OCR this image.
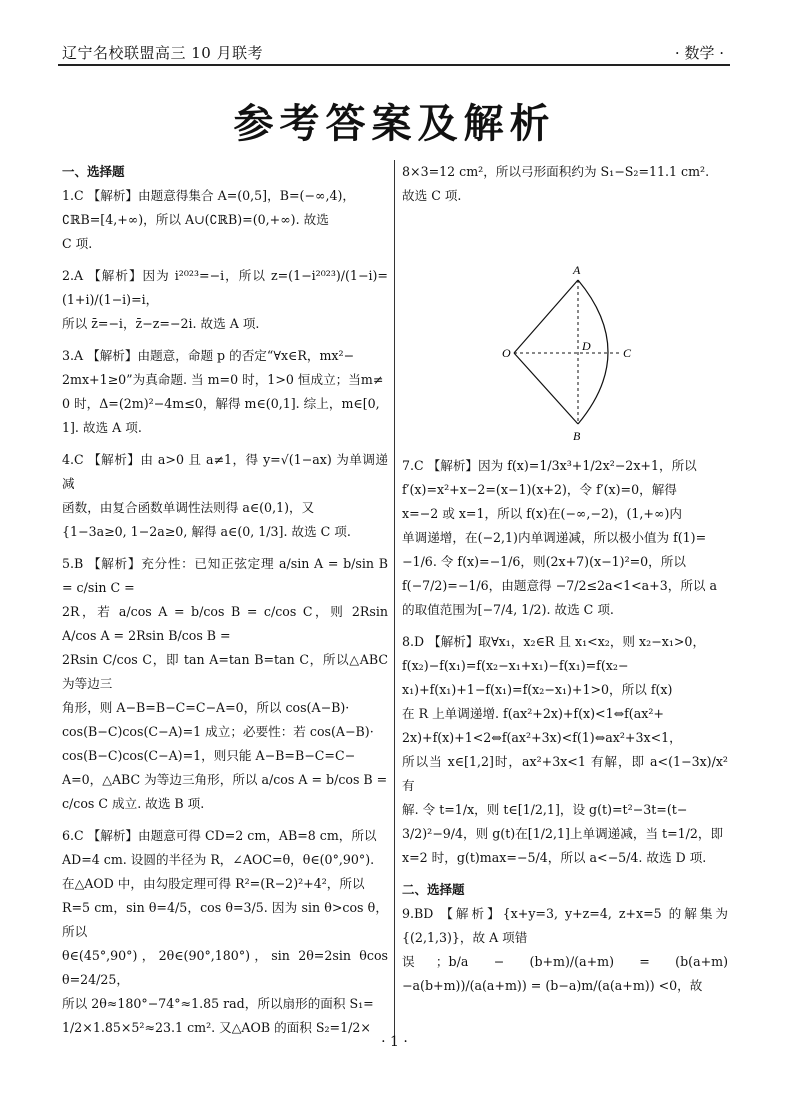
辽宁名校联盟高三 10 月联考	· 数学 ·
参考答案及解析
一、选择题

1.C 【解析】由题意得集合 A=(0,5]，B=(−∞,4)，

∁ℝB=[4,+∞)，所以 A∪(∁ℝB)=(0,+∞). 故选

C 项.

2.A 【解析】因为 i²⁰²³=−i，所以 z=(1−i²⁰²³)/(1−i)=(1+i)/(1−i)=i，

所以 z̄=−i，z̄−z=−2i. 故选 A 项.

3.A 【解析】由题意，命题 p 的否定“∀x∈R，mx²−

2mx+1≥0”为真命题. 当 m=0 时，1>0 恒成立；当m≠

0 时，Δ=(2m)²−4m≤0，解得 m∈(0,1]. 综上，m∈[0,

1]. 故选 A 项.

4.C 【解析】由 a>0 且 a≠1，得 y=√(1−ax) 为单调递减

函数，由复合函数单调性法则得 a∈(0,1)，又

{1−3a≥0, 1−2a≥0, 解得 a∈(0, 1/3]. 故选 C 项.

5.B 【解析】充分性：已知正弦定理 a/sin A = b/sin B = c/sin C =

2R，若 a/cos A = b/cos B = c/cos C，则 2Rsin A/cos A = 2Rsin B/cos B =

2Rsin C/cos C，即 tan A=tan B=tan C，所以△ABC 为等边三

角形，则 A−B=B−C=C−A=0，所以 cos(A−B)·

cos(B−C)cos(C−A)=1 成立；必要性：若 cos(A−B)·

cos(B−C)cos(C−A)=1，则只能 A−B=B−C=C−

A=0，△ABC 为等边三角形，所以 a/cos A = b/cos B =

c/cos C 成立. 故选 B 项.

6.C 【解析】由题意可得 CD=2 cm，AB=8 cm，所以

AD=4 cm. 设圆的半径为 R，∠AOC=θ，θ∈(0°,90°).

在△AOD 中，由勾股定理可得 R²=(R−2)²+4²，所以

R=5 cm，sin θ=4/5，cos θ=3/5. 因为 sin θ>cos θ，所以

θ∈(45°,90°)，2θ∈(90°,180°)，sin 2θ=2sin θcos θ=24/25，

所以 2θ≈180°−74°≈1.85 rad，所以扇形的面积 S₁=

1/2×1.85×5²≈23.1 cm². 又△AOB 的面积 S₂=1/2×

8×3=12 cm²，所以弓形面积约为 S₁−S₂=11.1 cm².

故选 C 项.

A
B
O	C
D

7.C 【解析】因为 f(x)=1/3x³+1/2x²−2x+1，所以

f′(x)=x²+x−2=(x−1)(x+2)，令 f′(x)=0，解得

x=−2 或 x=1，所以 f(x)在(−∞,−2)，(1,+∞)内

单调递增，在(−2,1)内单调递减，所以极小值为 f(1)=

−1/6. 令 f(x)=−1/6，则(2x+7)(x−1)²=0，所以

f(−7/2)=−1/6，由题意得 −7/2≤2a<1<a+3，所以 a

的取值范围为[−7/4, 1/2). 故选 C 项.

8.D 【解析】取∀x₁，x₂∈R 且 x₁<x₂，则 x₂−x₁>0，

f(x₂)−f(x₁)=f(x₂−x₁+x₁)−f(x₁)=f(x₂−

x₁)+f(x₁)+1−f(x₁)=f(x₂−x₁)+1>0，所以 f(x)

在 R 上单调递增. f(ax²+2x)+f(x)<1⇔f(ax²+

2x)+f(x)+1<2⇔f(ax²+3x)<f(1)⇔ax²+3x<1，

所以当 x∈[1,2]时，ax²+3x<1 有解，即 a<(1−3x)/x² 有

解. 令 t=1/x，则 t∈[1/2,1]，设 g(t)=t²−3t=(t−

3/2)²−9/4，则 g(t)在[1/2,1]上单调递减，当 t=1/2，即

x=2 时，g(t)max=−5/4，所以 a<−5/4. 故选 D 项.

二、选择题

9.BD 【解析】{x+y=3, y+z=4, z+x=5 的解集为{(2,1,3)}，故 A 项错

误；b/a − (b+m)/(a+m) = (b(a+m)−a(b+m))/(a(a+m)) = (b−a)m/(a(a+m)) <0，故

· 1 ·
